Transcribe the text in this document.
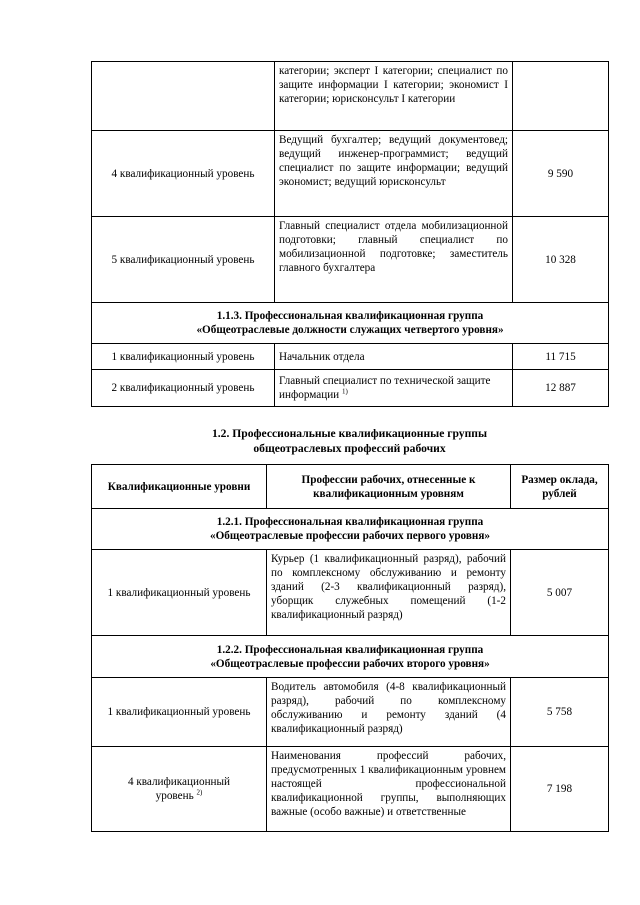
	категории; эксперт I категории; специалист по защите информации I категории; экономист I категории; юрисконсульт I категории	
4 квалификационный уровень	Ведущий бухгалтер; ведущий документовед; ведущий инженер-программист; ведущий специалист по защите информации; ведущий экономист; ведущий юрисконсульт	9 590
5 квалификационный уровень	Главный специалист отдела мобилизационной подготовки; главный специалист по мобилизационной подготовке; заместитель главного бухгалтера	10 328

1.1.3. Профессиональная квалификационная группа
«Общеотраслевые должности служащих четвертого уровня»		

1 квалификационный уровень	Начальник отдела	11 715
2 квалификационный уровень	Главный специалист по технической защите информации $^{1)}$	12 887
1.2. Профессиональные квалификационные группы
общеотраслевых профессий рабочих
Квалификационные уровни	Профессии рабочих, отнесенные к квалификационным уровням	Размер оклада, рублей

1.2.1. Профессиональная квалификационная группа
«Общеотраслевые профессии рабочих первого уровня»		

1 квалификационный уровень	Курьер (1 квалификационный разряд), рабочий по комплексному обслуживанию и ремонту зданий (2-3 квалификационный разряд), уборщик служебных помещений (1-2 квалификационный разряд)	5 007

1.2.2. Профессиональная квалификационная группа
«Общеотраслевые профессии рабочих второго уровня»		

1 квалификационный уровень	Водитель автомобиля (4-8 квалификационный разряд), рабочий по комплексному обслуживанию и ремонту зданий (4 квалификационный разряд)	5 758

4 квалификационный
уровень $^{2)}$	Наименования профессий рабочих, предусмотренных 1 квалификационным уровнем настоящей профессиональной квалификационной группы, выполняющих важные (особо важные) и ответственные	7 198
